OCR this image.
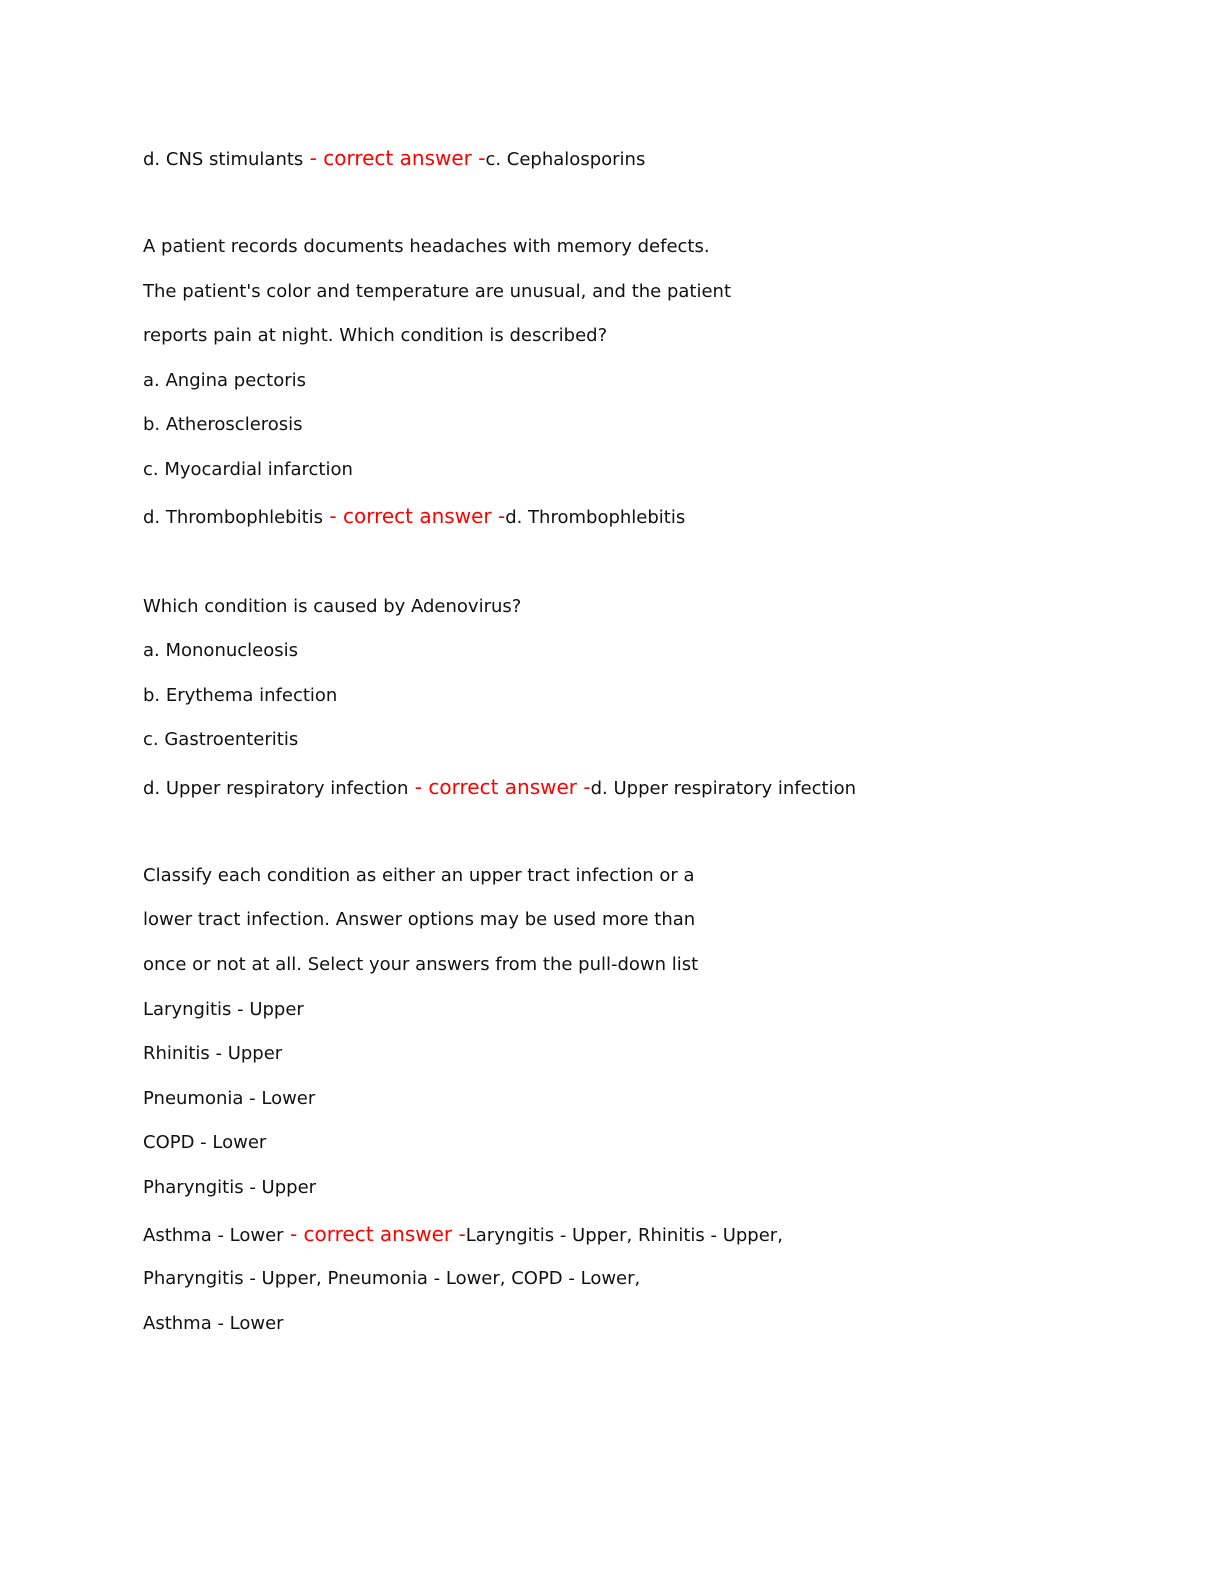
d. CNS stimulants - correct answer -c. Cephalosporins
A patient records documents headaches with memory defects.
The patient's color and temperature are unusual, and the patient
reports pain at night. Which condition is described?
a. Angina pectoris
b. Atherosclerosis
c. Myocardial infarction
d. Thrombophlebitis - correct answer -d. Thrombophlebitis
Which condition is caused by Adenovirus?
a. Mononucleosis
b. Erythema infection
c. Gastroenteritis
d. Upper respiratory infection - correct answer -d. Upper respiratory infection
Classify each condition as either an upper tract infection or a
lower tract infection. Answer options may be used more than
once or not at all. Select your answers from the pull-down list
Laryngitis - Upper
Rhinitis - Upper
Pneumonia - Lower
COPD - Lower
Pharyngitis - Upper
Asthma - Lower - correct answer -Laryngitis - Upper, Rhinitis - Upper,
Pharyngitis - Upper, Pneumonia - Lower, COPD - Lower,
Asthma - Lower
